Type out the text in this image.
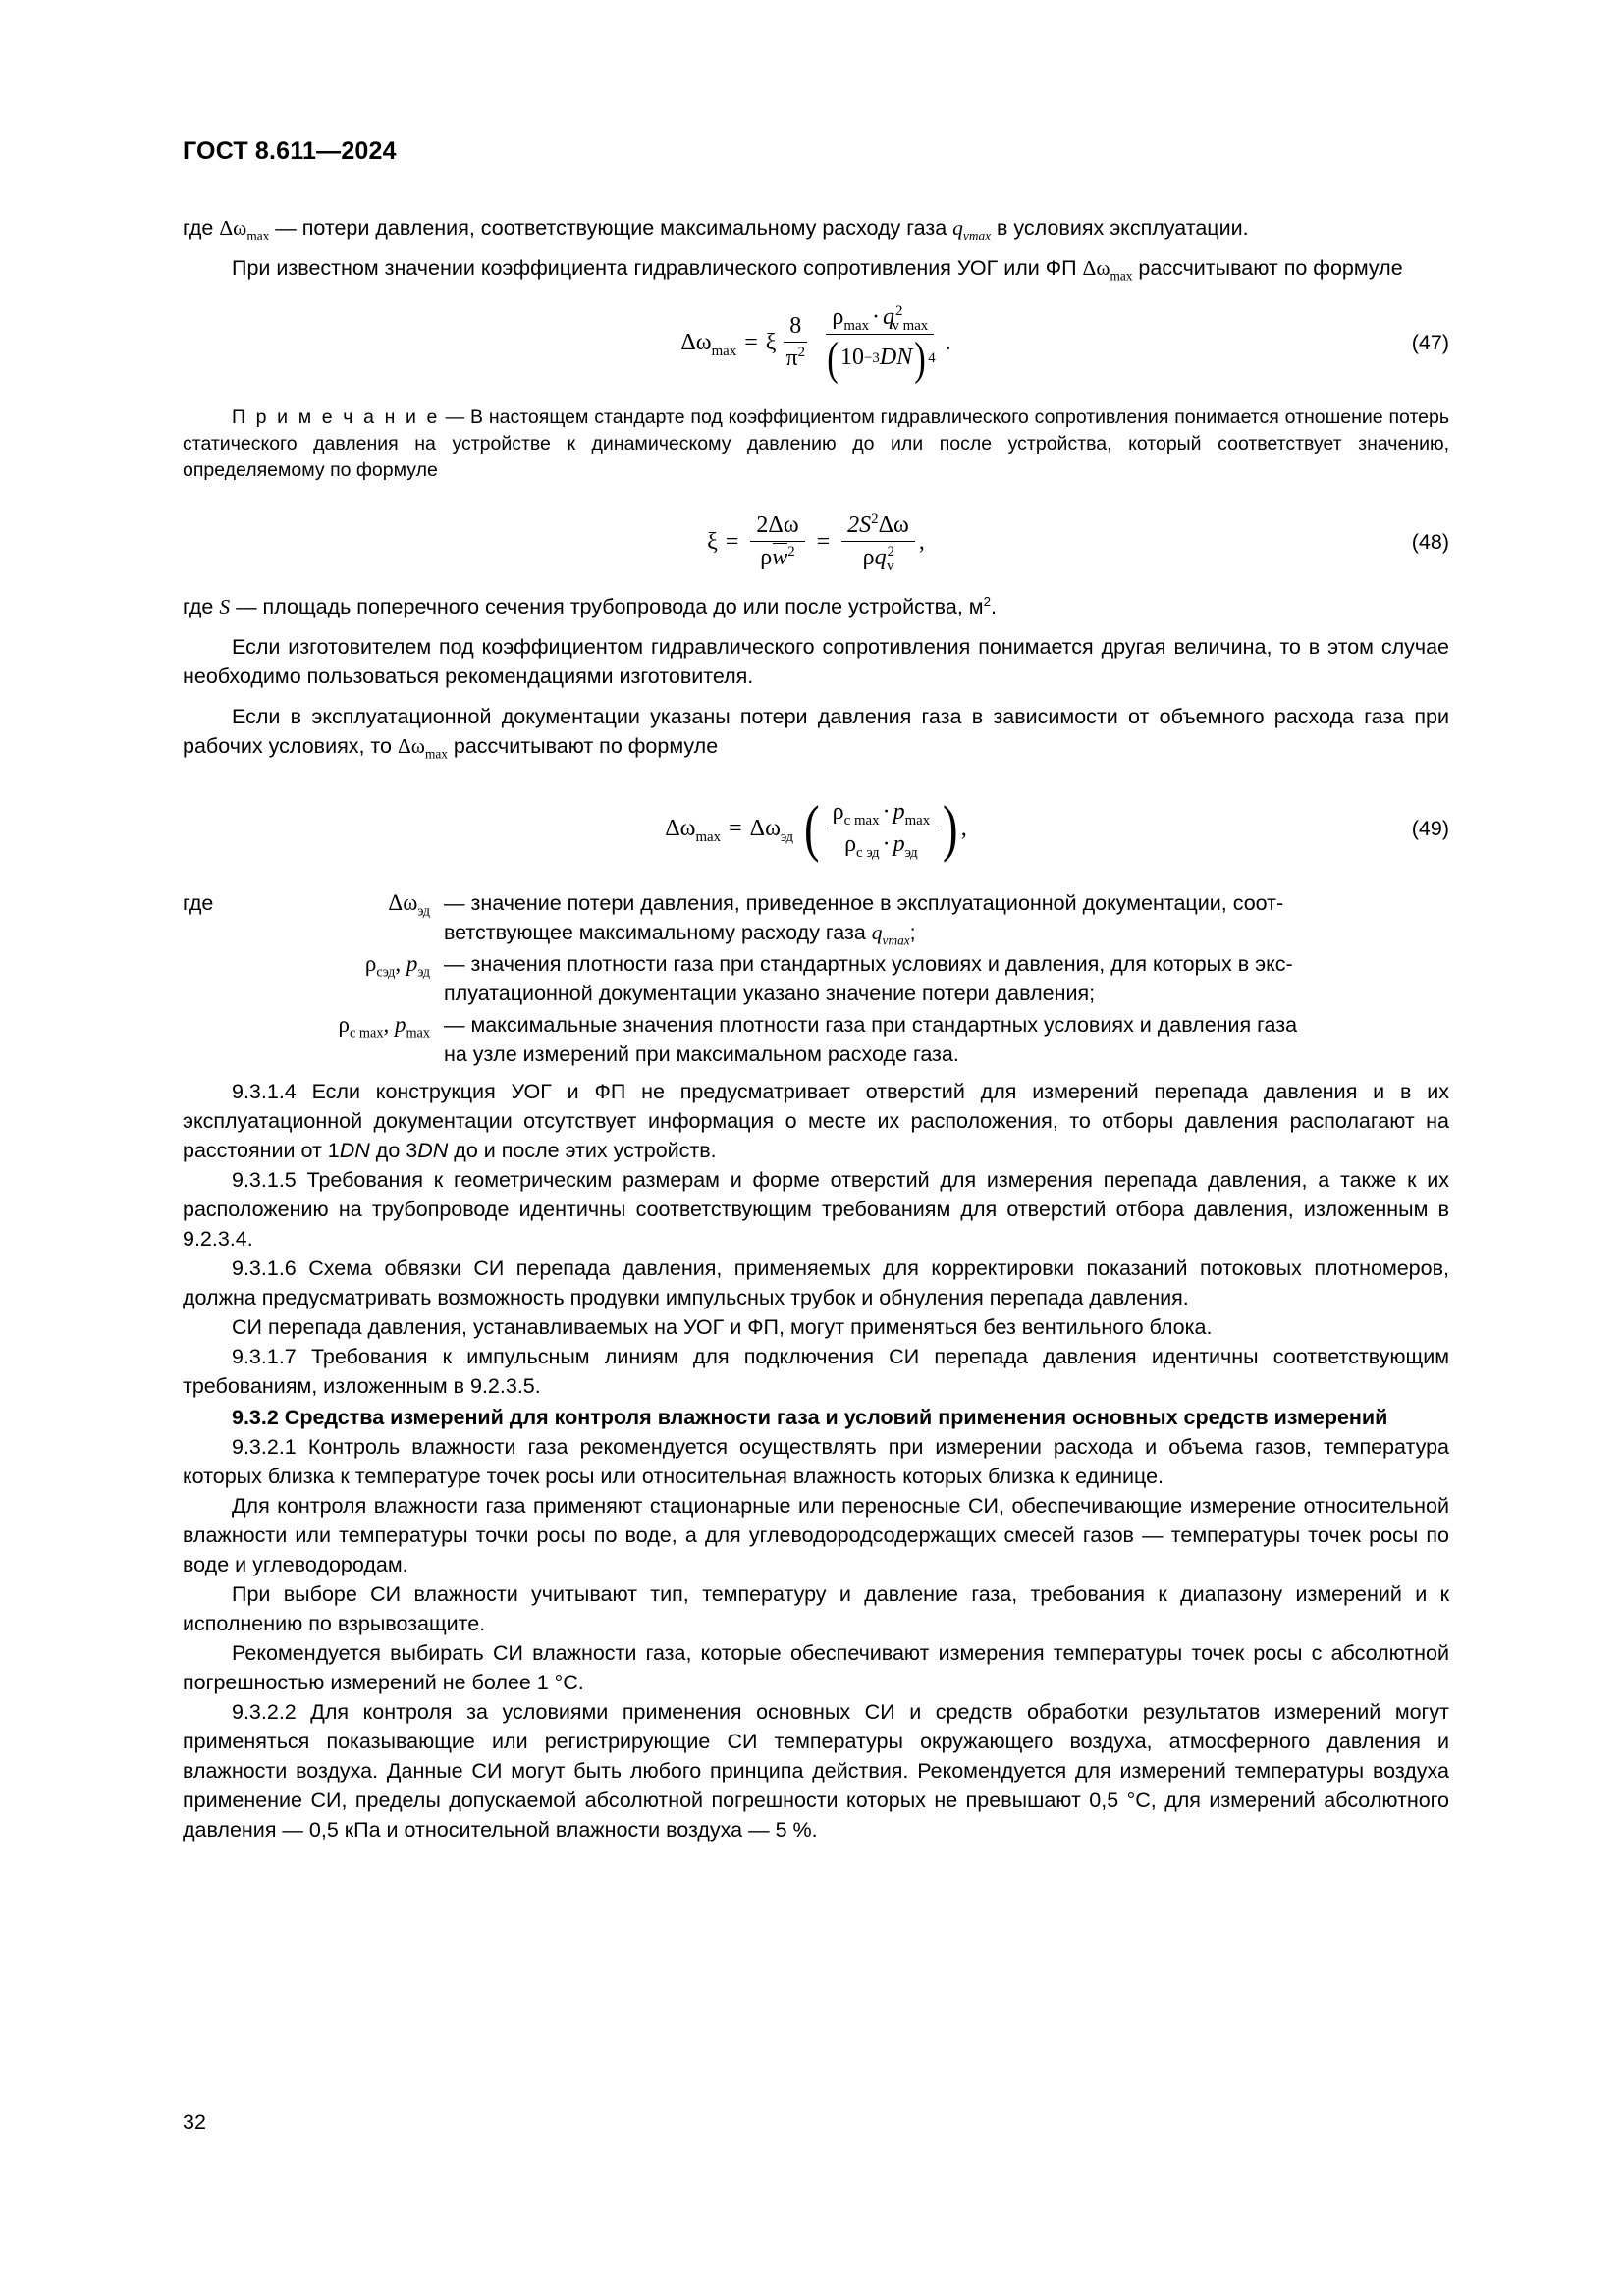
ГОСТ 8.611—2024

где $\Delta\omega_{max}$ — потери давления, соответствующие максимальному расходу газа $q_{vmax}$ в условиях эксплуатации.

При известном значении коэффициента гидравлического сопротивления УОГ или ФП $\Delta\omega_{max}$ рассчитывают по формуле

$\Delta\omega_{max} = \xi \frac{8}{\pi^2} \frac{\rho_{max} \cdot q^2_{v max}}{( 10 -3 DN ) 4}$ .	(47)

П р и м е ч а н и е — В настоящем стандарте под коэффициентом гидравлического сопротивления понимается отношение потерь статического давления на устройстве к динамическому давлению до или после устройства, который соответствует значению, определяемому по формуле

$\xi = \frac{2\Delta\omega}{\rho w^2} = \frac{2S^2\Delta\omega}{\rho q^2_v}$ ,	(48)

где S — площадь поперечного сечения трубопровода до или после устройства, $м^2$.

Если изготовителем под коэффициентом гидравлического сопротивления понимается другая величина, то в этом случае необходимо пользоваться рекомендациями изготовителя.

Если в эксплуатационной документации указаны потери давления газа в зависимости от объемного расхода газа при рабочих условиях, то $\Delta\omega_{max}$ рассчитывают по формуле

$\Delta\omega_{max} = \Delta\omega_{эд}$ ( $\frac{\rho_{c max} \cdot p_{max}}{\rho_{c эд} \cdot p_{эд}}$ ) ,	(49)
где	$\Delta\omega_{эд}$ — значение потери давления, приведенное в эксплуатационной документации, соот-
ветствующее максимальному расходу газа $q_{vmax}$;
$\rho_{cэд}$, $p_{эд}$ — значения плотности газа при стандартных условиях и давления, для которых в экс-
плуатационной документации указано значение потери давления;
$\rho_{c max}$, $p_{max}$ — максимальные значения плотности газа при стандартных условиях и давления газа
на узле измерений при максимальном расходе газа.

9.3.1.4 Если конструкция УОГ и ФП не предусматривает отверстий для измерений перепада давления и в их эксплуатационной документации отсутствует информация о месте их расположения, то отборы давления располагают на расстоянии от 1DN до 3DN до и после этих устройств.

9.3.1.5 Требования к геометрическим размерам и форме отверстий для измерения перепада давления, а также к их расположению на трубопроводе идентичны соответствующим требованиям для отверстий отбора давления, изложенным в 9.2.3.4.

9.3.1.6 Схема обвязки СИ перепада давления, применяемых для корректировки показаний потоковых плотномеров, должна предусматривать возможность продувки импульсных трубок и обнуления перепада давления.

СИ перепада давления, устанавливаемых на УОГ и ФП, могут применяться без вентильного блока.

9.3.1.7 Требования к импульсным линиям для подключения СИ перепада давления идентичны соответствующим требованиям, изложенным в 9.2.3.5.

9.3.2 Средства измерений для контроля влажности газа и условий применения основных средств измерений

9.3.2.1 Контроль влажности газа рекомендуется осуществлять при измерении расхода и объема газов, температура которых близка к температуре точек росы или относительная влажность которых близка к единице.

Для контроля влажности газа применяют стационарные или переносные СИ, обеспечивающие измерение относительной влажности или температуры точки росы по воде, а для углеводородсодержащих смесей газов — температуры точек росы по воде и углеводородам.

При выборе СИ влажности учитывают тип, температуру и давление газа, требования к диапазону измерений и к исполнению по взрывозащите.

Рекомендуется выбирать СИ влажности газа, которые обеспечивают измерения температуры точек росы с абсолютной погрешностью измерений не более 1 °С.

9.3.2.2 Для контроля за условиями применения основных СИ и средств обработки результатов измерений могут применяться показывающие или регистрирующие СИ температуры окружающего воздуха, атмосферного давления и влажности воздуха. Данные СИ могут быть любого принципа действия. Рекомендуется для измерений температуры воздуха применение СИ, пределы допускаемой абсолютной погрешности которых не превышают 0,5 °С, для измерений абсолютного давления — 0,5 кПа и относительной влажности воздуха — 5 %.

32
